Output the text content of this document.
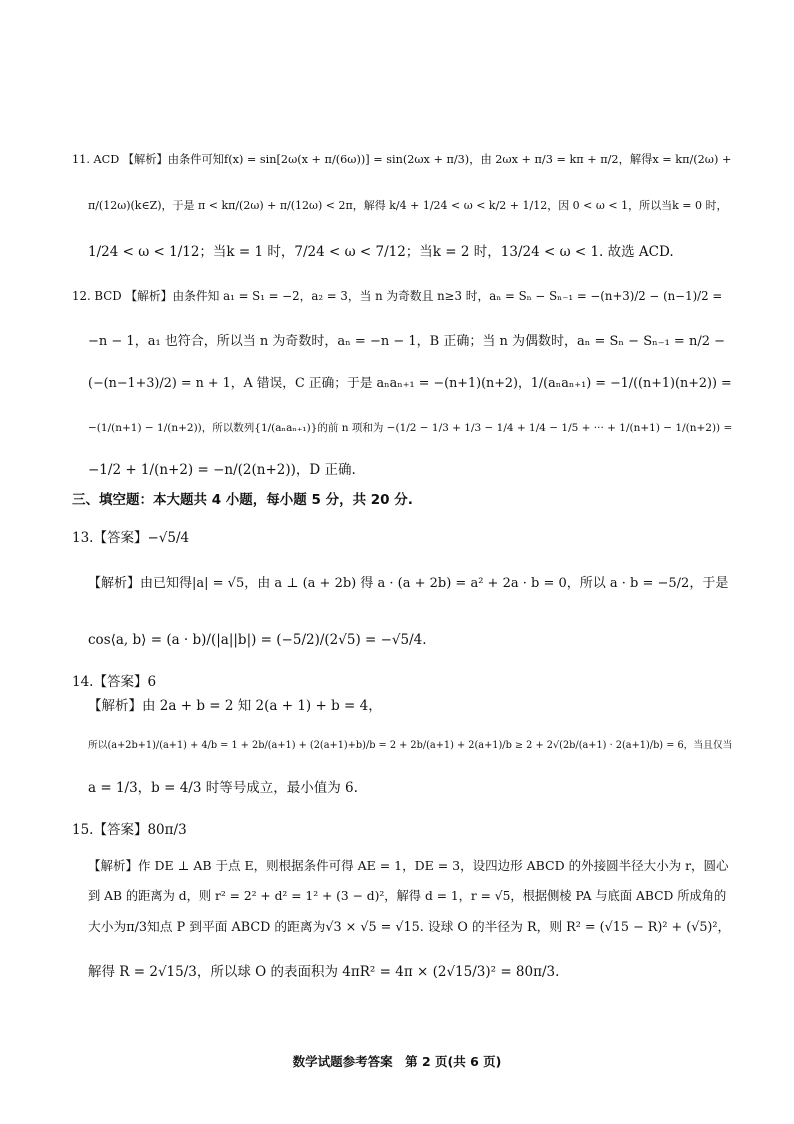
11. ACD 【解析】由条件可知f(x) = sin[2ω(x + π/(6ω))] = sin(2ωx + π/3)，由 2ωx + π/3 = kπ + π/2，解得x = kπ/(2ω) +
π/(12ω)(k∈Z)，于是 π < kπ/(2ω) + π/(12ω) < 2π，解得 k/4 + 1/24 < ω < k/2 + 1/12，因 0 < ω < 1，所以当k = 0 时，
1/24 < ω < 1/12；当k = 1 时，7/24 < ω < 7/12；当k = 2 时，13/24 < ω < 1. 故选 ACD.
12. BCD 【解析】由条件知 a₁ = S₁ = −2，a₂ = 3，当 n 为奇数且 n≥3 时，aₙ = Sₙ − Sₙ₋₁ = −(n+3)/2 − (n−1)/2 =
−n − 1，a₁ 也符合，所以当 n 为奇数时，aₙ = −n − 1，B 正确；当 n 为偶数时，aₙ = Sₙ − Sₙ₋₁ = n/2 −
(−(n−1+3)/2) = n + 1，A 错误，C 正确；于是 aₙaₙ₊₁ = −(n+1)(n+2)，1/(aₙaₙ₊₁) = −1/((n+1)(n+2)) =
−(1/(n+1) − 1/(n+2))，所以数列{1/(aₙaₙ₊₁)}的前 n 项和为 −(1/2 − 1/3 + 1/3 − 1/4 + 1/4 − 1/5 + ··· + 1/(n+1) − 1/(n+2)) =
−1/2 + 1/(n+2) = −n/(2(n+2))，D 正确.
三、填空题：本大题共 4 小题，每小题 5 分，共 20 分.
13.【答案】−√5/4
【解析】由已知得|a| = √5，由 a ⊥ (a + 2b) 得 a · (a + 2b) = a² + 2a · b = 0，所以 a · b = −5/2，于是
cos⟨a, b⟩ = (a · b)/(|a||b|) = (−5/2)/(2√5) = −√5/4.
14.【答案】6
【解析】由 2a + b = 2 知 2(a + 1) + b = 4，
所以(a+2b+1)/(a+1) + 4/b = 1 + 2b/(a+1) + (2(a+1)+b)/b = 2 + 2b/(a+1) + 2(a+1)/b ≥ 2 + 2√(2b/(a+1) · 2(a+1)/b) = 6，当且仅当
a = 1/3，b = 4/3 时等号成立，最小值为 6.
15.【答案】80π/3
【解析】作 DE ⊥ AB 于点 E，则根据条件可得 AE = 1，DE = 3，设四边形 ABCD 的外接圆半径大小为 r，圆心
到 AB 的距离为 d，则 r² = 2² + d² = 1² + (3 − d)²，解得 d = 1，r = √5，根据侧棱 PA 与底面 ABCD 所成角的
大小为π/3知点 P 到平面 ABCD 的距离为√3 × √5 = √15. 设球 O 的半径为 R，则 R² = (√15 − R)² + (√5)²，
解得 R = 2√15/3，所以球 O 的表面积为 4πR² = 4π × (2√15/3)² = 80π/3.
数学试题参考答案　第 2 页(共 6 页)
